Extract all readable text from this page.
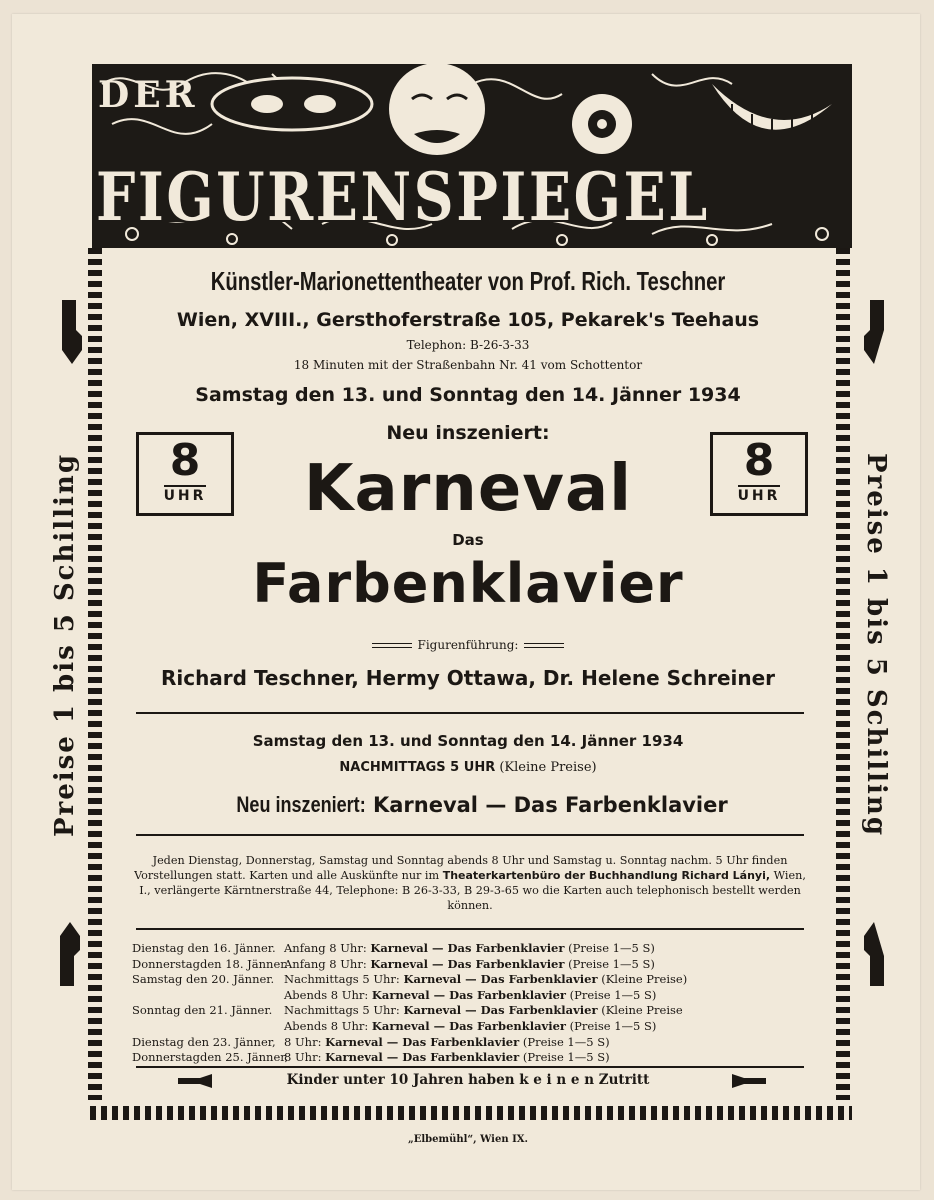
DER
FIGURENSPIEGEL
Preise 1 bis 5 Schilling	Preise 1 bis 5 Schilling
Künstler-Marionettentheater von Prof. Rich. Teschner
Wien, XVIII., Gersthoferstraße 105, Pekarek's Teehaus
Telephon: B-26-3-33
18 Minuten mit der Straßenbahn Nr. 41 vom Schottentor
Samstag den 13. und Sonntag den 14. Jänner 1934
Neu inszeniert:
8
UHR
8
UHR
Karneval
Das
Farbenklavier
Figurenführung:
Richard Teschner, Hermy Ottawa, Dr. Helene Schreiner
Samstag den 13. und Sonntag den 14. Jänner 1934
NACHMITTAGS 5 UHR (Kleine Preise)
Neu inszeniert: Karneval — Das Farbenklavier
Jeden Dienstag, Donnerstag, Samstag und Sonntag abends 8 Uhr und Samstag u. Sonntag nachm. 5 Uhr finden Vorstellungen statt. Karten und alle Auskünfte nur im Theaterkartenbüro der Buchhandlung Richard Lányi, Wien, I., verlängerte Kärntnerstraße 44, Telephone: B 26-3-33, B 29-3-65 wo die Karten auch telephonisch bestellt werden können.
Dienstag den 16. Jänner. Anfang 8 Uhr: Karneval — Das Farbenklavier (Preise 1—5 S)
Donnerstagden 18. Jänner.Anfang 8 Uhr: Karneval — Das Farbenklavier (Preise 1—5 S)
Samstag den 20. Jänner. Nachmittags 5 Uhr: Karneval — Das Farbenklavier (Kleine Preise)
Abends 8 Uhr: Karneval — Das Farbenklavier (Preise 1—5 S)
Sonntag den 21. Jänner. Nachmittags 5 Uhr: Karneval — Das Farbenklavier (Kleine Preise
Abends 8 Uhr: Karneval — Das Farbenklavier (Preise 1—5 S)
Dienstag den 23. Jänner, 8 Uhr: Karneval — Das Farbenklavier (Preise 1—5 S)
Donnerstagden 25. Jänner,8 Uhr: Karneval — Das Farbenklavier (Preise 1—5 S)
Kinder unter 10 Jahren haben k e i n e n Zutritt
„Elbemühl“, Wien IX.
